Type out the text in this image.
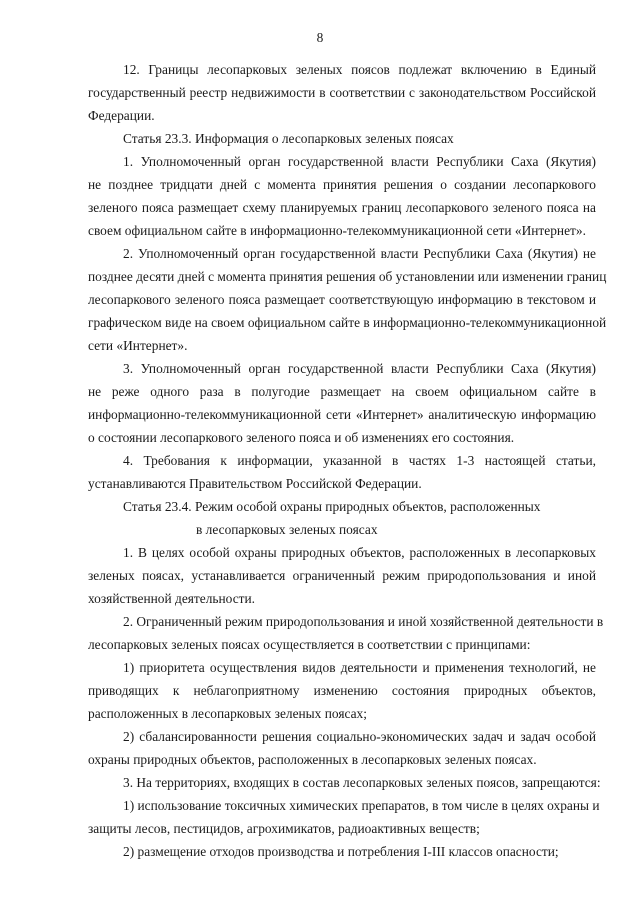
8
12. Границы лесопарковых зеленых поясов подлежат включению в Единый
государственный реестр недвижимости в соответствии с законодательством Российской
Федерации.
Статья 23.3. Информация о лесопарковых зеленых поясах
1. Уполномоченный орган государственной власти Республики Саха (Якутия)
не позднее тридцати дней с момента принятия решения о создании лесопаркового
зеленого пояса размещает схему планируемых границ лесопаркового зеленого пояса на
своем официальном сайте в информационно-телекоммуникационной сети «Интернет».
2. Уполномоченный орган государственной власти Республики Саха (Якутия) не
позднее десяти дней с момента принятия решения об установлении или изменении границ
лесопаркового зеленого пояса размещает соответствующую информацию в текстовом и
графическом виде на своем официальном сайте в информационно-телекоммуникационной
сети «Интернет».
3. Уполномоченный орган государственной власти Республики Саха (Якутия)
не реже одного раза в полугодие размещает на своем официальном сайте в
информационно-телекоммуникационной сети «Интернет» аналитическую информацию
о состоянии лесопаркового зеленого пояса и об изменениях его состояния.
4. Требования к информации, указанной в частях 1-3 настоящей статьи,
устанавливаются Правительством Российской Федерации.
Статья 23.4. Режим особой охраны природных объектов, расположенных
в лесопарковых зеленых поясах
1. В целях особой охраны природных объектов, расположенных в лесопарковых
зеленых поясах, устанавливается ограниченный режим природопользования и иной
хозяйственной деятельности.
2. Ограниченный режим природопользования и иной хозяйственной деятельности в
лесопарковых зеленых поясах осуществляется в соответствии с принципами:
1) приоритета осуществления видов деятельности и применения технологий, не
приводящих к неблагоприятному изменению состояния природных объектов,
расположенных в лесопарковых зеленых поясах;
2) сбалансированности решения социально-экономических задач и задач особой
охраны природных объектов, расположенных в лесопарковых зеленых поясах.
3. На территориях, входящих в состав лесопарковых зеленых поясов, запрещаются:
1) использование токсичных химических препаратов, в том числе в целях охраны и
защиты лесов, пестицидов, агрохимикатов, радиоактивных веществ;
2) размещение отходов производства и потребления I-III классов опасности;
